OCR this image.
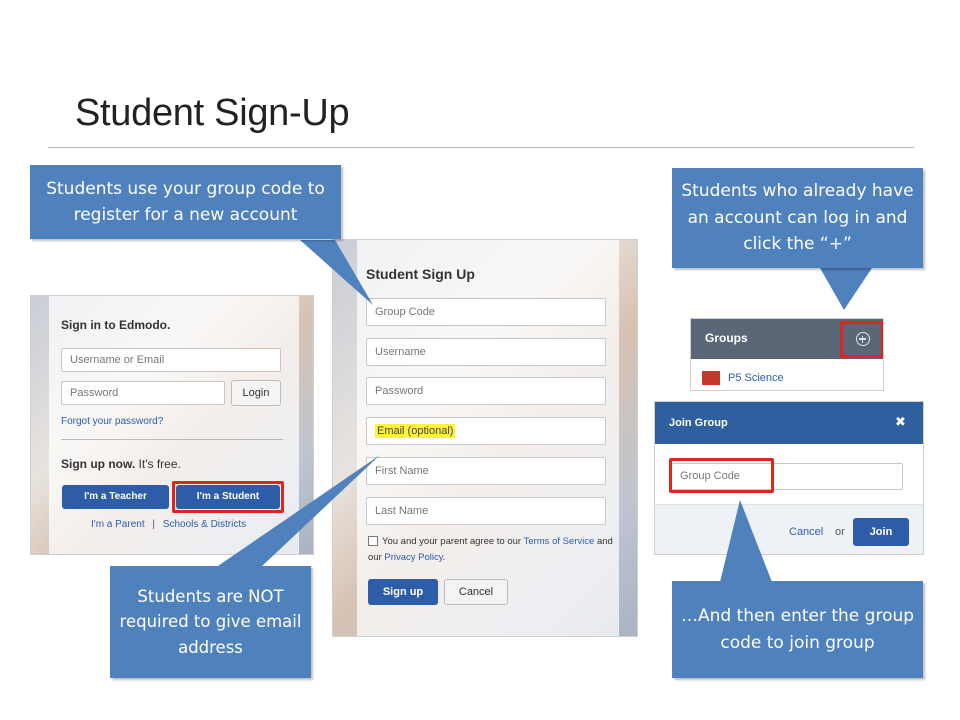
Student Sign-Up
Sign in to Edmodo.
Username or Email
Password	Login
Forgot your password?
Sign up now. It's free.
I'm a Teacher	I'm a Student
I'm a Parent | Schools & Districts
Student Sign Up
Group Code
Username
Password
Email (optional)
First Name
Last Name
You and your parent agree to our Terms of Service and our Privacy Policy.
Sign up	Cancel
Groups
P5 Science
Join Group	✖
Group Code
Cancel or	Join
Students use your group code to register for a new account
Students are NOT required to give email address
Students who already have an account can log in and click the “+”
…And then enter the group code to join group
